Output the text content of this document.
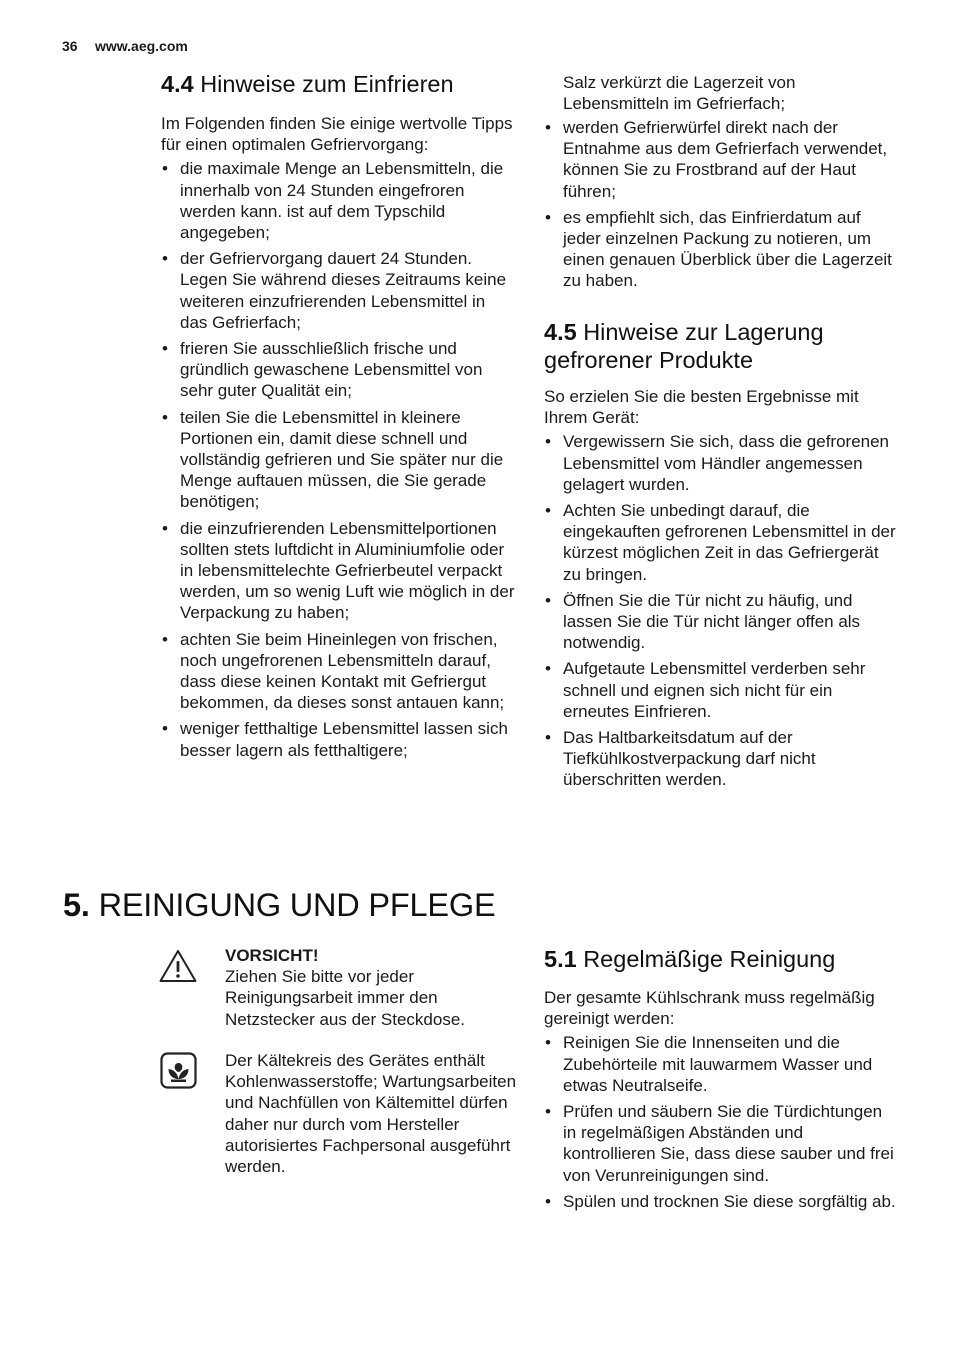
36 www.aeg.com
4.4 Hinweise zum Einfrieren

Im Folgenden finden Sie einige wertvolle Tipps für einen optimalen Gefriervorgang:

• die maximale Menge an Lebensmitteln, die innerhalb von 24 Stunden eingefroren werden kann. ist auf dem Typschild angegeben;
• der Gefriervorgang dauert 24 Stunden. Legen Sie während dieses Zeitraums keine weiteren einzufrierenden Lebensmittel in das Gefrierfach;
• frieren Sie ausschließlich frische und gründlich gewaschene Lebensmittel von sehr guter Qualität ein;
• teilen Sie die Lebensmittel in kleinere Portionen ein, damit diese schnell und vollständig gefrieren und Sie später nur die Menge auftauen müssen, die Sie gerade benötigen;
• die einzufrierenden Lebensmittelportionen sollten stets luftdicht in Aluminiumfolie oder in lebensmittelechte Gefrierbeutel verpackt werden, um so wenig Luft wie möglich in der Verpackung zu haben;
• achten Sie beim Hineinlegen von frischen, noch ungefrorenen Lebensmitteln darauf, dass diese keinen Kontakt mit Gefriergut bekommen, da dieses sonst antauen kann;
• weniger fetthaltige Lebensmittel lassen sich besser lagern als fetthaltigere;
Salz verkürzt die Lagerzeit von Lebensmitteln im Gefrierfach;
• werden Gefrierwürfel direkt nach der Entnahme aus dem Gefrierfach verwendet, können Sie zu Frostbrand auf der Haut führen;
• es empfiehlt sich, das Einfrierdatum auf jeder einzelnen Packung zu notieren, um einen genauen Überblick über die Lagerzeit zu haben.
4.5 Hinweise zur Lagerung gefrorener Produkte

So erzielen Sie die besten Ergebnisse mit Ihrem Gerät:

• Vergewissern Sie sich, dass die gefrorenen Lebensmittel vom Händler angemessen gelagert wurden.
• Achten Sie unbedingt darauf, die eingekauften gefrorenen Lebensmittel in der kürzest möglichen Zeit in das Gefriergerät zu bringen.
• Öffnen Sie die Tür nicht zu häufig, und lassen Sie die Tür nicht länger offen als notwendig.
• Aufgetaute Lebensmittel verderben sehr schnell und eignen sich nicht für ein erneutes Einfrieren.
• Das Haltbarkeitsdatum auf der Tiefkühlkostverpackung darf nicht überschritten werden.
5. REINIGUNG UND PFLEGE
VORSICHT!
Ziehen Sie bitte vor jeder Reinigungsarbeit immer den Netzstecker aus der Steckdose.
Der Kältekreis des Gerätes enthält Kohlenwasserstoffe; Wartungsarbeiten und Nachfüllen von Kältemittel dürfen daher nur durch vom Hersteller autorisiertes Fachpersonal ausgeführt werden.
5.1 Regelmäßige Reinigung

Der gesamte Kühlschrank muss regelmäßig gereinigt werden:

• Reinigen Sie die Innenseiten und die Zubehörteile mit lauwarmem Wasser und etwas Neutralseife.
• Prüfen und säubern Sie die Türdichtungen in regelmäßigen Abständen und kontrollieren Sie, dass diese sauber und frei von Verunreinigungen sind.
• Spülen und trocknen Sie diese sorgfältig ab.
